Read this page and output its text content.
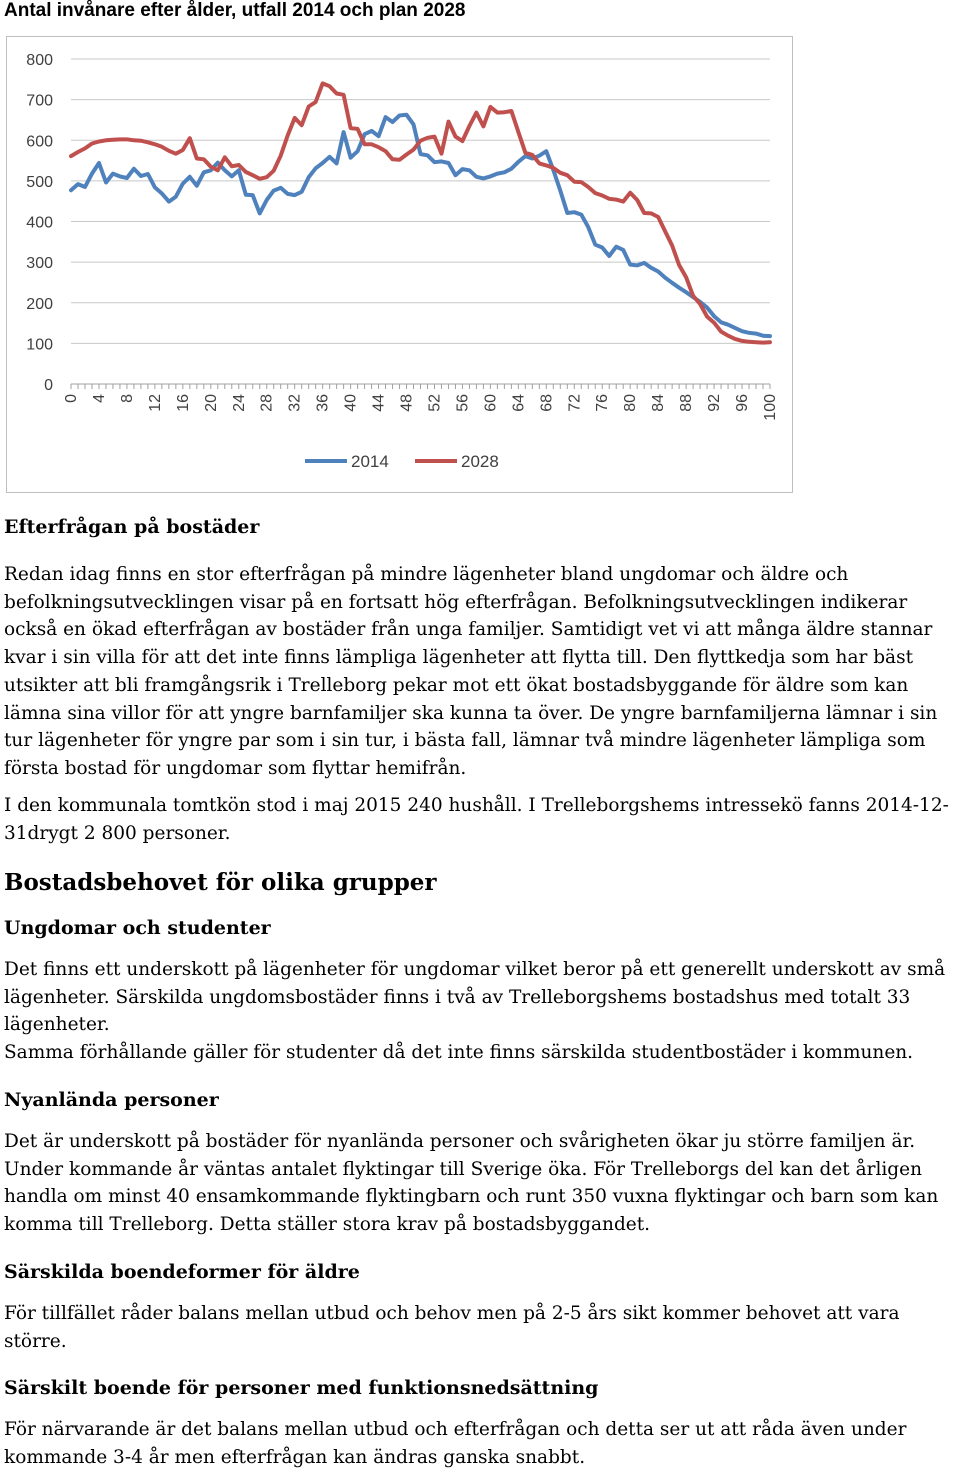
Antal invånare efter ålder, utfall 2014 och plan 2028
0
100
200
300
400
500
600
700
800
0 4 8 12 16 20 24 28 32 36 40 44 48 52 56 60 64 68 72 76 80 84 88 92 96 100
2014	2028
Efterfrågan på bostäder

Redan idag finns en stor efterfrågan på mindre lägenheter bland ungdomar och äldre och befolkningsutvecklingen visar på en fortsatt hög efterfrågan. Befolkningsutvecklingen indikerar också en ökad efterfrågan av bostäder från unga familjer. Samtidigt vet vi att många äldre stannar kvar i sin villa för att det inte finns lämpliga lägenheter att flytta till. Den flyttkedja som har bäst utsikter att bli framgångsrik i Trelleborg pekar mot ett ökat bostadsbyggande för äldre som kan lämna sina villor för att yngre barnfamiljer ska kunna ta över. De yngre barnfamiljerna lämnar i sin tur lägenheter för yngre par som i sin tur, i bästa fall, lämnar två mindre lägenheter lämpliga som första bostad för ungdomar som flyttar hemifrån.

I den kommunala tomtkön stod i maj 2015 240 hushåll. I Trelleborgshems intressekö fanns 2014-12-31drygt 2 800 personer.

Bostadsbehovet för olika grupper
Ungdomar och studenter

Det finns ett underskott på lägenheter för ungdomar vilket beror på ett generellt underskott av små lägenheter. Särskilda ungdomsbostäder finns i två av Trelleborgshems bostadshus med totalt 33 lägenheter.

Samma förhållande gäller för studenter då det inte finns särskilda studentbostäder i kommunen.

Nyanlända personer

Det är underskott på bostäder för nyanlända personer och svårigheten ökar ju större familjen är. Under kommande år väntas antalet flyktingar till Sverige öka. För Trelleborgs del kan det årligen handla om minst 40 ensamkommande flyktingbarn och runt 350 vuxna flyktingar och barn som kan komma till Trelleborg. Detta ställer stora krav på bostadsbyggandet.

Särskilda boendeformer för äldre

För tillfället råder balans mellan utbud och behov men på 2-5 års sikt kommer behovet att vara större.

Särskilt boende för personer med funktionsnedsättning

För närvarande är det balans mellan utbud och efterfrågan och detta ser ut att råda även under kommande 3-4 år men efterfrågan kan ändras ganska snabbt.
